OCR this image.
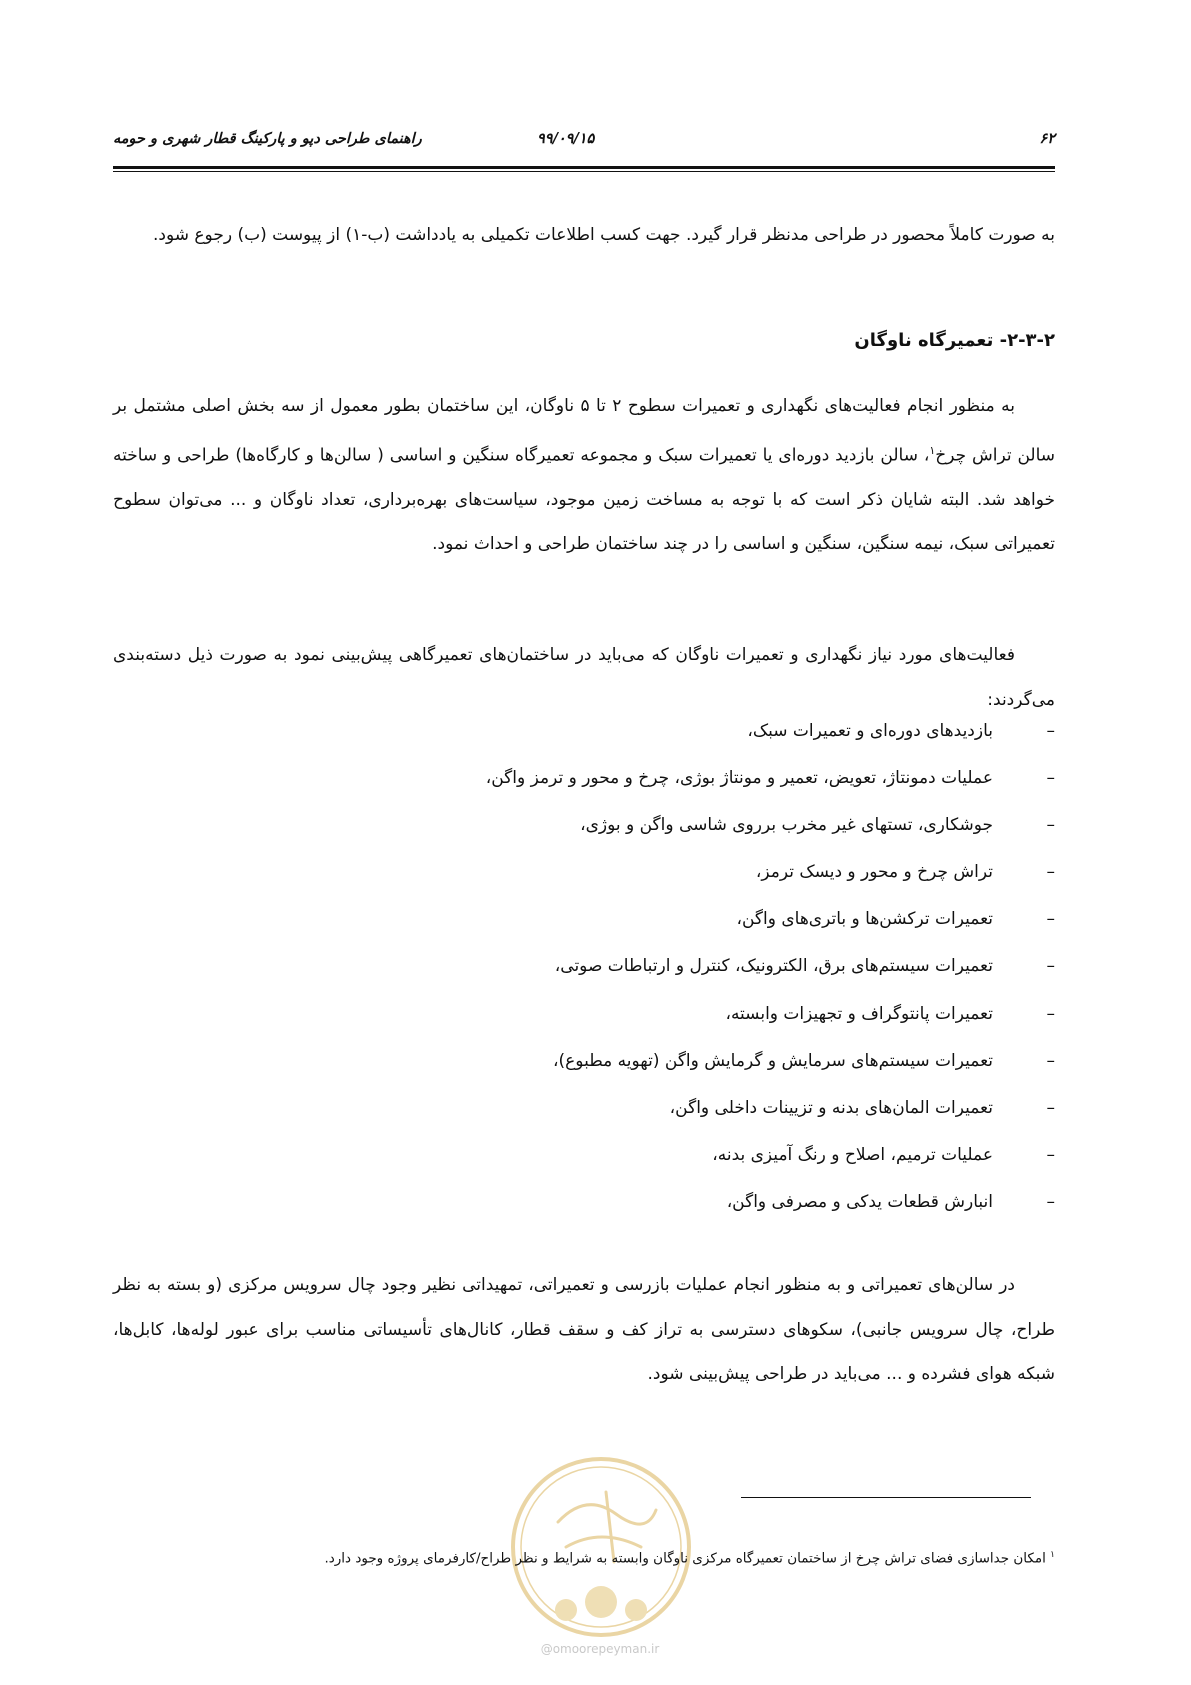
۶۲
۹۹/۰۹/۱۵
راهنمای طراحی دپو و پارکینگ قطار شهری و حومه

به صورت کاملاً محصور در طراحی مدنظر قرار گیرد. جهت کسب اطلاعات تکمیلی به یادداشت (ب-۱) از پیوست (ب) رجوع شود.

۲-۳-۲- تعمیرگاه ناوگان

به منظور انجام فعالیت‌های نگهداری و تعمیرات سطوح ۲ تا ۵ ناوگان، این ساختمان بطور معمول از سه بخش اصلی مشتمل بر سالن تراش چرخ$^۱$، سالن بازدید دوره‌ای یا تعمیرات سبک و مجموعه تعمیرگاه سنگین و اساسی ( سالن‌ها و کارگاه‌ها) طراحی و ساخته خواهد شد. البته شایان ذکر است که با توجه به مساخت زمین موجود، سیاست‌های بهره‌برداری، تعداد ناوگان و ... می‌توان سطوح تعمیراتی سبک، نیمه سنگین، سنگین و اساسی را در چند ساختمان طراحی و احداث نمود.

فعالیت‌های مورد نیاز نگهداری و تعمیرات ناوگان که می‌باید در ساختمان‌های تعمیرگاهی پیش‌بینی نمود به صورت ذیل دسته‌بندی می‌گردند:

–بازدیدهای دوره‌ای و تعمیرات سبک،
–عملیات دمونتاژ، تعویض، تعمیر و مونتاژ بوژی، چرخ و محور و ترمز واگن،
–جوشکاری، تستهای غیر مخرب برروی شاسی واگن و بوژی،
–تراش چرخ و محور و دیسک ترمز،
–تعمیرات ترکشن‌ها و باتری‌های واگن،
–تعمیرات سیستم‌های برق، الکترونیک، کنترل و ارتباطات صوتی،
–تعمیرات پانتوگراف و تجهیزات وابسته،
–تعمیرات سیستم‌های سرمایش و گرمایش واگن (تهویه مطبوع)،
–تعمیرات المان‌های بدنه و تزیینات داخلی واگن،
–عملیات ترمیم، اصلاح و رنگ آمیزی بدنه،
–انبارش قطعات یدکی و مصرفی واگن،

در سالن‌های تعمیراتی و به منظور انجام عملیات بازرسی و تعمیراتی، تمهیداتی نظیر وجود چال سرویس مرکزی (و بسته به نظر طراح، چال سرویس جانبی)، سکوهای دسترسی به تراز کف و سقف قطار، کانال‌های تأسیساتی مناسب برای عبور لوله‌ها، کابل‌ها، شبکه هوای فشرده و ... می‌باید در طراحی پیش‌بینی شود.

@omoorepeyman.ir

$^۱$ امکان جداسازی فضای تراش چرخ از ساختمان تعمیرگاه مرکزی ناوگان وابسته به شرایط و نظر طراح/کارفرمای پروژه وجود دارد.
